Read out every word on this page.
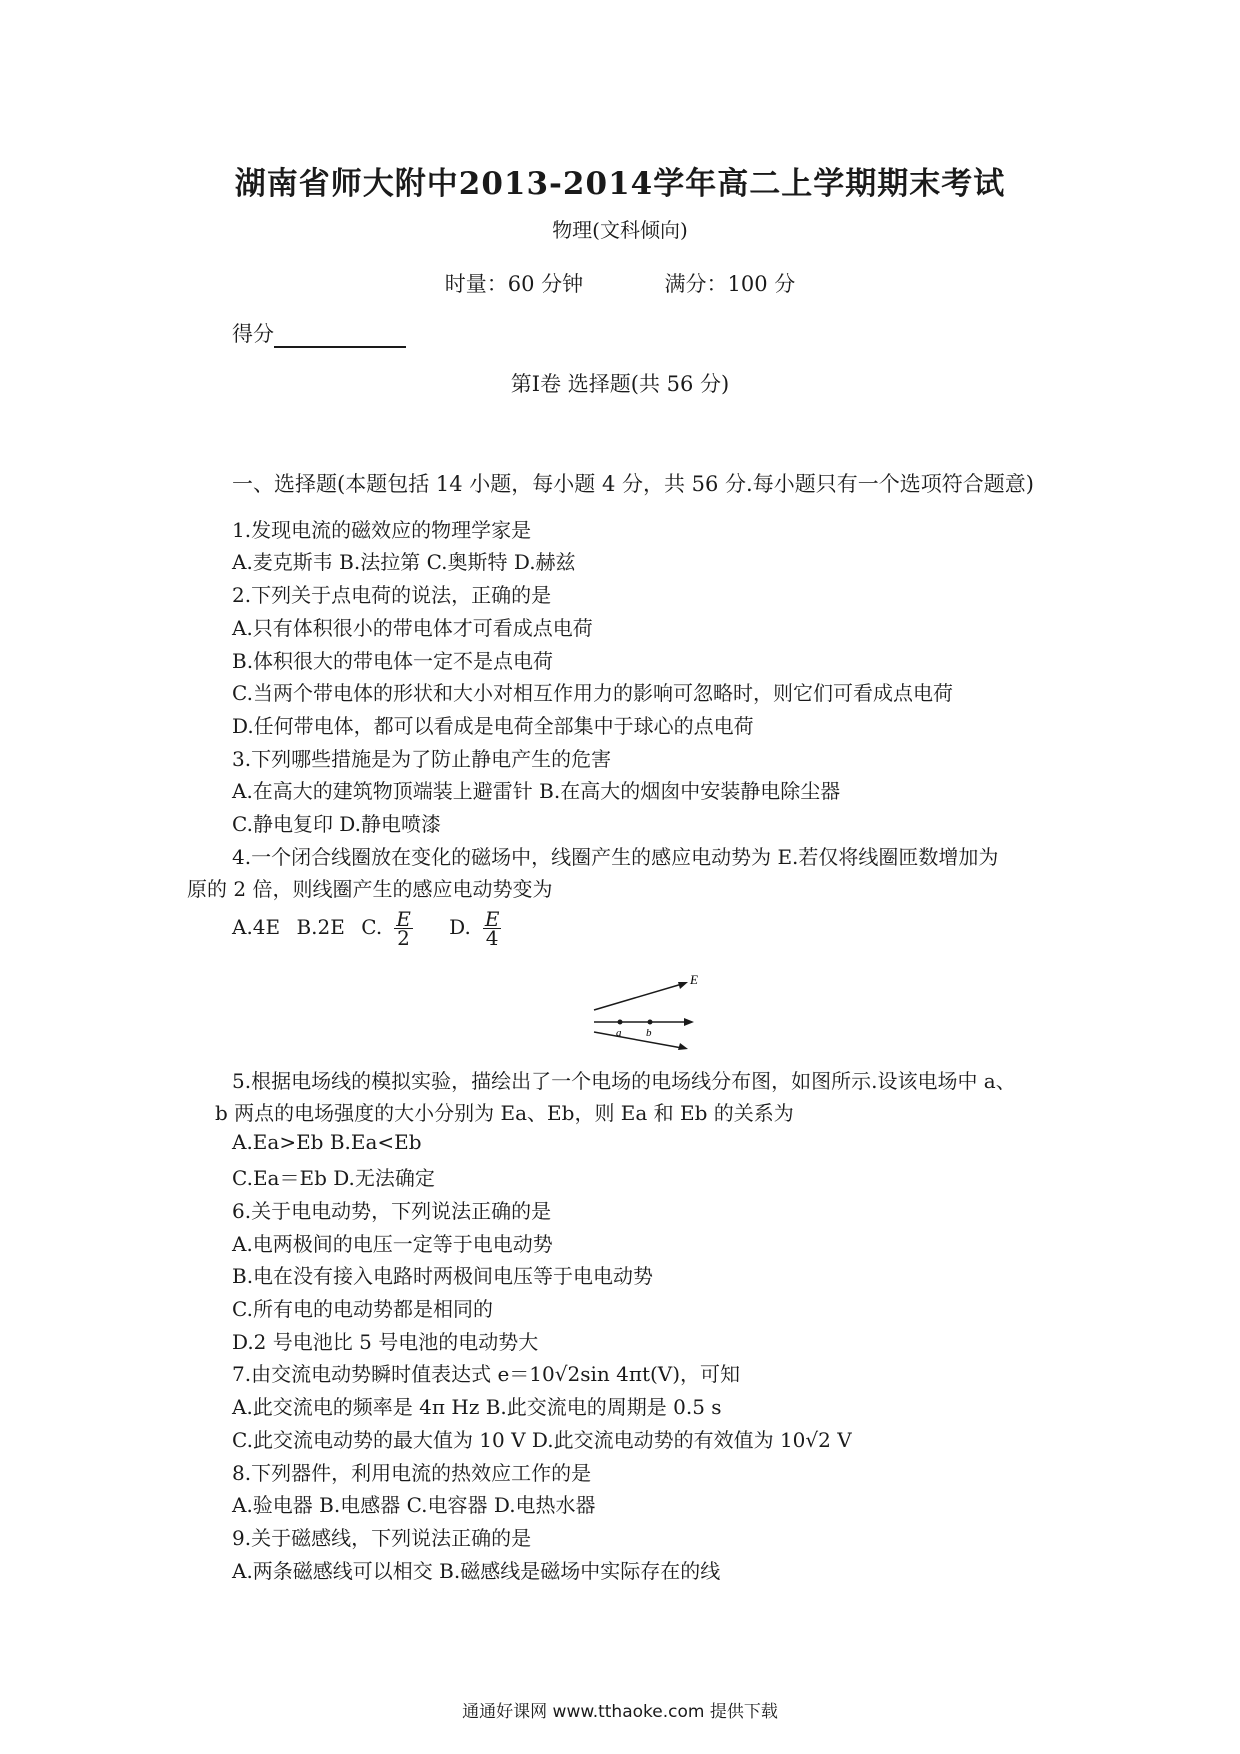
湖南省师大附中2013-2014学年高二上学期期末考试
物理(文科倾向)
时量：60 分钟	满分：100 分
得分
第Ⅰ卷 选择题(共 56 分)
一、选择题(本题包括 14 小题，每小题 4 分，共 56 分.每小题只有一个选项符合题意)
1.发现电流的磁效应的物理学家是
A.麦克斯韦 B.法拉第 C.奥斯特 D.赫兹
2.下列关于点电荷的说法，正确的是
A.只有体积很小的带电体才可看成点电荷
B.体积很大的带电体一定不是点电荷
C.当两个带电体的形状和大小对相互作用力的影响可忽略时，则它们可看成点电荷
D.任何带电体，都可以看成是电荷全部集中于球心的点电荷
3.下列哪些措施是为了防止静电产生的危害
A.在高大的建筑物顶端装上避雷针 B.在高大的烟囱中安装静电除尘器
C.静电复印 D.静电喷漆
4.一个闭合线圈放在变化的磁场中，线圈产生的感应电动势为 E.若仅将线圈匝数增加为
原的 2 倍，则线圈产生的感应电动势变为
A.4E B.2E C. $\frac{E}{2} D$. $\frac{E}{4}$
E
a b
5.根据电场线的模拟实验，描绘出了一个电场的电场线分布图，如图所示.设该电场中 a、
b 两点的电场强度的大小分别为 Ea、Eb，则 Ea 和 Eb 的关系为
A.Ea>Eb B.Ea<Eb
C.Ea＝Eb D.无法确定
6.关于电电动势，下列说法正确的是
A.电两极间的电压一定等于电电动势
B.电在没有接入电路时两极间电压等于电电动势
C.所有电的电动势都是相同的
D.2 号电池比 5 号电池的电动势大
7.由交流电动势瞬时值表达式 e＝10√2sin 4πt(V)，可知
A.此交流电的频率是 4π Hz B.此交流电的周期是 0.5 s
C.此交流电动势的最大值为 10 V D.此交流电动势的有效值为 10√2 V
8.下列器件，利用电流的热效应工作的是
A.验电器 B.电感器 C.电容器 D.电热水器
9.关于磁感线，下列说法正确的是
A.两条磁感线可以相交 B.磁感线是磁场中实际存在的线
通通好课网 www.tthaoke.com 提供下载
